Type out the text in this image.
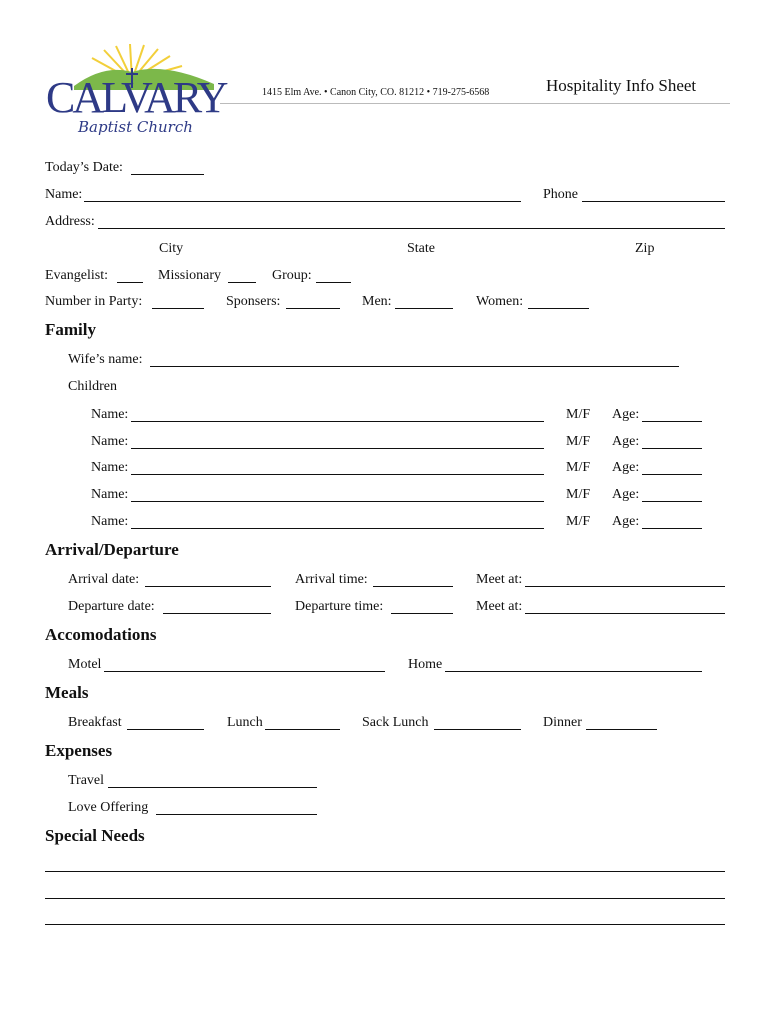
CALVARY
Baptist Church
1415 Elm Ave. • Canon City, CO. 81212 • 719-275-6568	Hospitality Info Sheet
Today’s Date:
Name:	Phone
Address:
City	State	Zip
Evangelist:	Missionary	Group:
Number in Party:	Sponsers:	Men:	Women:
Family
Wife’s name:
Children
Name:	M/F Age:
Name:	M/F Age:
Name:	M/F Age:
Name:	M/F Age:
Name:	M/F Age:
Arrival/Departure
Arrival date:	Arrival time:	Meet at:
Departure date:	Departure time:	Meet at:
Accomodations
Motel	Home
Meals
Breakfast	Lunch	Sack Lunch	Dinner
Expenses
Travel
Love Offering
Special Needs
